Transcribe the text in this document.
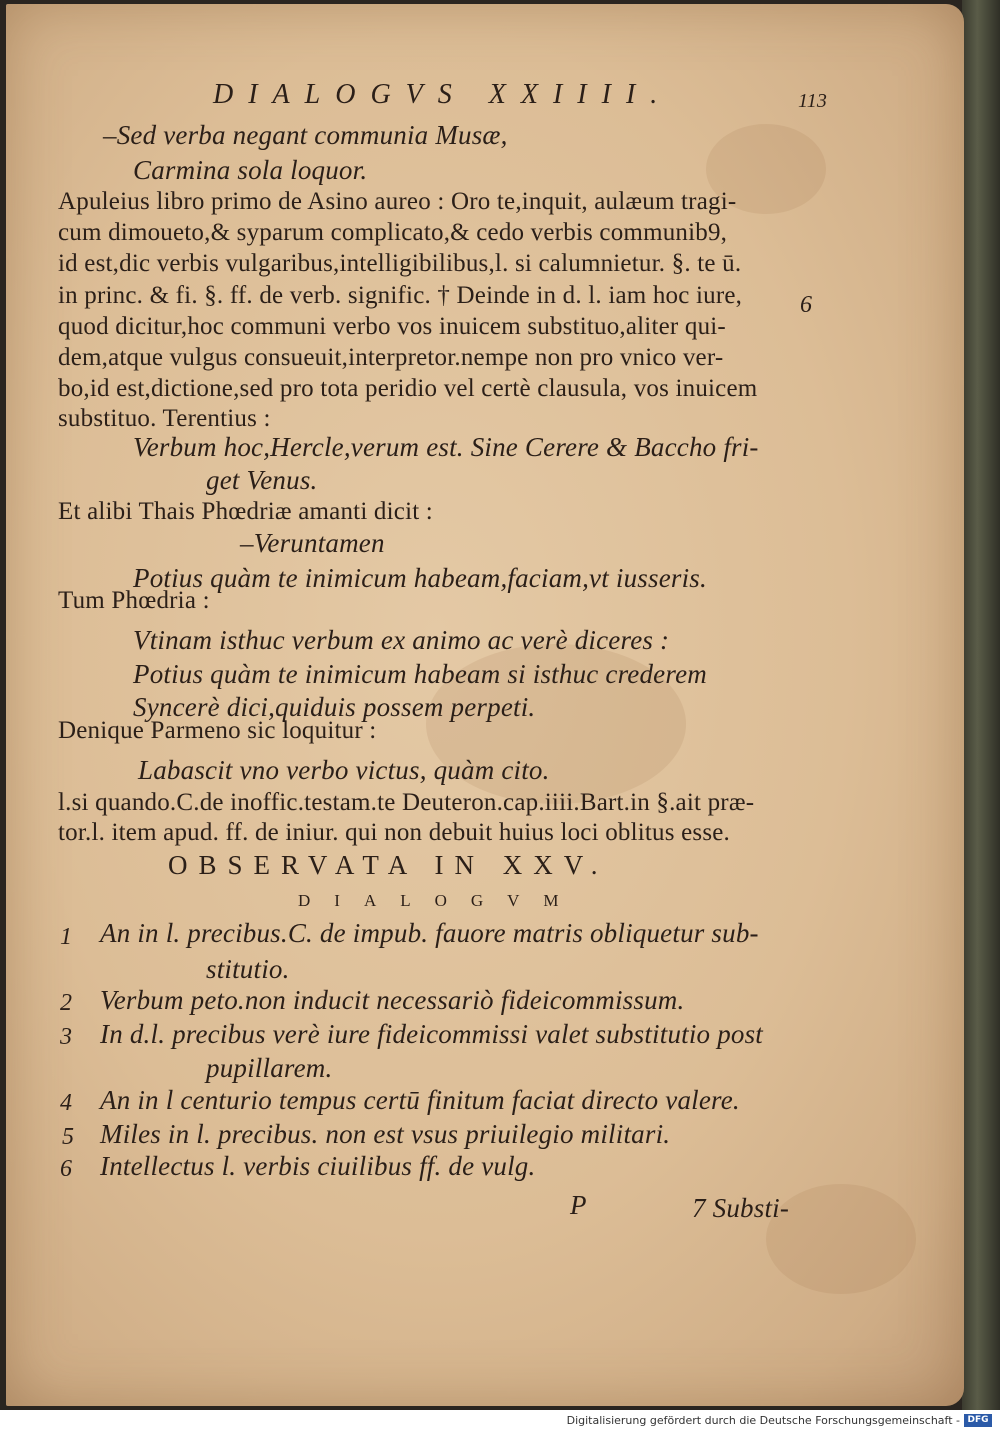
DIALOGVS XXIIII.	113
–Sed verba negant communia Musæ,
Carmina sola loquor.
Apuleius libro primo de Asino aureo : Oro te,inquit, aulæum tragi-
cum dimoueto,& syparum complicato,& cedo verbis communib9,
id est,dic verbis vulgaribus,intelligibilibus,l. si calumnietur. §. te ū.
in princ. & fi. §. ff. de verb. signific. † Deinde in d. l. iam hoc iure, 6
quod dicitur,hoc communi verbo vos inuicem substituo,aliter qui-
dem,atque vulgus consueuit,interpretor.nempe non pro vnico ver-
bo,id est,dictione,sed pro tota peridio vel certè clausula, vos inuicem
substituo. Terentius :
Verbum hoc,Hercle,verum est. Sine Cerere & Baccho fri-
get Venus.
Et alibi Thais Phœdriæ amanti dicit :
–Veruntamen
Potius quàm te inimicum habeam,faciam,vt iusseris.
Tum Phœdria :
Vtinam isthuc verbum ex animo ac verè diceres :
Potius quàm te inimicum habeam si isthuc crederem
Syncerè dici,quiduis possem perpeti.
Denique Parmeno sic loquitur :
Labascit vno verbo victus, quàm cito.
l.si quando.C.de inoffic.testam.te Deuteron.cap.iiii.Bart.in §.ait præ-
tor.l. item apud. ff. de iniur. qui non debuit huius loci oblitus esse.
OBSERVATA IN XXV.
DIALOGVM
1 An in l. precibus.C. de impub. fauore matris obliquetur sub-
stitutio.
2 Verbum peto.non inducit necessariò fideicommissum.
3 In d.l. precibus verè iure fideicommissi valet substitutio post
pupillarem.
4 An in l centurio tempus certū finitum faciat directo valere.
5 Miles in l. precibus. non est vsus priuilegio militari.
6 Intellectus l. verbis ciuilibus ff. de vulg.
P	7 Substi-
Digitalisierung gefördert durch die Deutsche Forschungsgemeinschaft - DFG
